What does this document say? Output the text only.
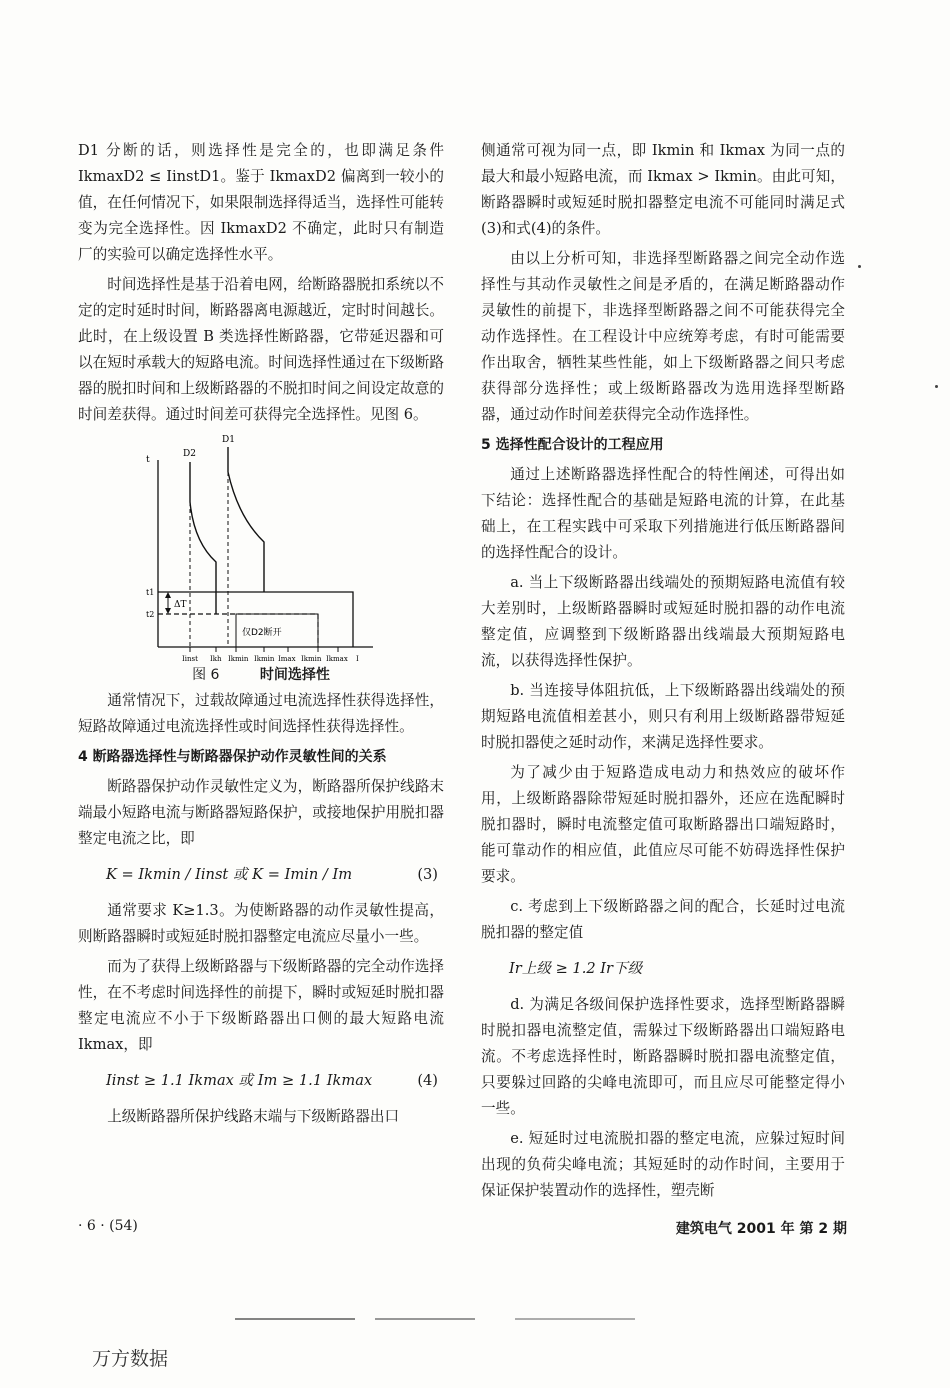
D1 分断的话，则选择性是完全的，也即满足条件 IkmaxD2 ≤ IinstD1。鉴于 IkmaxD2 偏离到一较小的值，在任何情况下，如果限制选择得适当，选择性可能转变为完全选择性。因 IkmaxD2 不确定，此时只有制造厂的实验可以确定选择性水平。

时间选择性是基于沿着电网，给断路器脱扣系统以不定的定时延时时间，断路器离电源越近，定时时间越长。此时，在上级设置 B 类选择性断路器，它带延迟器和可以在短时承载大的短路电流。时间选择性通过在下级断路器的脱扣时间和上级断路器的不脱扣时间之间设定故意的时间差获得。通过时间差可获得完全选择性。见图 6。

t
D2
D1
t1
t2
ΔT
仅D2断开
Iinst Ikh Ikmin Ikmin Imax Ikmin Ikmax I
图 6	时间选择性

通常情况下，过载故障通过电流选择性获得选择性，短路故障通过电流选择性或时间选择性获得选择性。

4 断路器选择性与断路器保护动作灵敏性间的关系

断路器保护动作灵敏性定义为，断路器所保护线路末端最小短路电流与断路器短路保护，或接地保护用脱扣器整定电流之比，即

K = Ikmin / Iinst 或 K = Imin / Im	(3)

通常要求 K≥1.3。为使断路器的动作灵敏性提高，则断路器瞬时或短延时脱扣器整定电流应尽量小一些。

而为了获得上级断路器与下级断路器的完全动作选择性，在不考虑时间选择性的前提下，瞬时或短延时脱扣器整定电流应不小于下级断路器出口侧的最大短路电流 Ikmax，即

Iinst ≥ 1.1 Ikmax 或 Im ≥ 1.1 Ikmax	(4)

上级断路器所保护线路末端与下级断路器出口

侧通常可视为同一点，即 Ikmin 和 Ikmax 为同一点的最大和最小短路电流，而 Ikmax > Ikmin。由此可知，断路器瞬时或短延时脱扣器整定电流不可能同时满足式(3)和式(4)的条件。

由以上分析可知，非选择型断路器之间完全动作选择性与其动作灵敏性之间是矛盾的，在满足断路器动作灵敏性的前提下，非选择型断路器之间不可能获得完全动作选择性。在工程设计中应统筹考虑，有时可能需要作出取舍，牺牲某些性能，如上下级断路器之间只考虑获得部分选择性；或上级断路器改为选用选择型断路器，通过动作时间差获得完全动作选择性。

5 选择性配合设计的工程应用

通过上述断路器选择性配合的特性阐述，可得出如下结论：选择性配合的基础是短路电流的计算，在此基础上，在工程实践中可采取下列措施进行低压断路器间的选择性配合的设计。

a. 当上下级断路器出线端处的预期短路电流值有较大差别时，上级断路器瞬时或短延时脱扣器的动作电流整定值，应调整到下级断路器出线端最大预期短路电流，以获得选择性保护。

b. 当连接导体阻抗低，上下级断路器出线端处的预期短路电流值相差甚小，则只有利用上级断路器带短延时脱扣器使之延时动作，来满足选择性要求。

为了减少由于短路造成电动力和热效应的破坏作用，上级断路器除带短延时脱扣器外，还应在选配瞬时脱扣器时，瞬时电流整定值可取断路器出口端短路时，能可靠动作的相应值，此值应尽可能不妨碍选择性保护要求。

c. 考虑到上下级断路器之间的配合，长延时过电流脱扣器的整定值

Ir上级 ≥ 1.2 Ir下级

d. 为满足各级间保护选择性要求，选择型断路器瞬时脱扣器电流整定值，需躲过下级断路器出口端短路电流。不考虑选择性时，断路器瞬时脱扣器电流整定值，只要躲过回路的尖峰电流即可，而且应尽可能整定得小一些。

e. 短延时过电流脱扣器的整定电流，应躲过短时间出现的负荷尖峰电流；其短延时的动作时间，主要用于保证保护装置动作的选择性，塑壳断

· 6 · (54)	建筑电气 2001 年 第 2 期
万方数据
